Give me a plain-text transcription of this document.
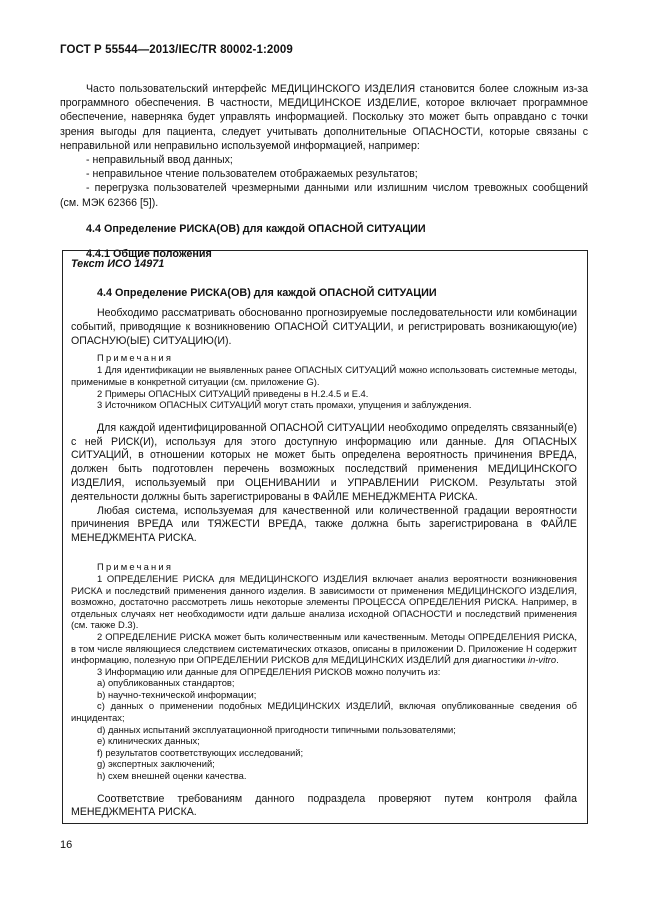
ГОСТ Р 55544—2013/IEC/TR 80002-1:2009

Часто пользовательский интерфейс МЕДИЦИНСКОГО ИЗДЕЛИЯ становится более сложным из-за программного обеспечения. В частности, МЕДИЦИНСКОЕ ИЗДЕЛИЕ, которое включает программное обеспечение, наверняка будет управлять информацией. Поскольку это может быть оправдано с точки зрения выгоды для пациента, следует учитывать дополнительные ОПАСНОСТИ, которые связаны с неправильной или неправильно используемой информацией, например:

- неправильный ввод данных;

- неправильное чтение пользователем отображаемых результатов;

- перегрузка пользователей чрезмерными данными или излишним числом тревожных сообщений (см. МЭК 62366 [5]).

4.4 Определение РИСКА(ОВ) для каждой ОПАСНОЙ СИТУАЦИИ

4.4.1 Общие положения

Текст ИСО 14971

4.4 Определение РИСКА(ОВ) для каждой ОПАСНОЙ СИТУАЦИИ

Необходимо рассматривать обоснованно прогнозируемые последовательности или комбинации событий, приводящие к возникновению ОПАСНОЙ СИТУАЦИИ, и регистрировать возникающую(ие) ОПАСНУЮ(ЫЕ) СИТУАЦИЮ(И).

Примечания

1 Для идентификации не выявленных ранее ОПАСНЫХ СИТУАЦИЙ можно использовать системные методы, применимые в конкретной ситуации (см. приложение G).

2 Примеры ОПАСНЫХ СИТУАЦИЙ приведены в Н.2.4.5 и Е.4.

3 Источником ОПАСНЫХ СИТУАЦИЙ могут стать промахи, упущения и заблуждения.

Для каждой идентифицированной ОПАСНОЙ СИТУАЦИИ необходимо определять связанный(е) с ней РИСК(И), используя для этого доступную информацию или данные. Для ОПАСНЫХ СИТУАЦИЙ, в отношении которых не может быть определена вероятность причинения ВРЕДА, должен быть подготовлен перечень возможных последствий применения МЕДИЦИНСКОГО ИЗДЕЛИЯ, используемый при ОЦЕНИВАНИИ и УПРАВЛЕНИИ РИСКОМ. Результаты этой деятельности должны быть зарегистрированы в ФАЙЛЕ МЕНЕДЖМЕНТА РИСКА.

Любая система, используемая для качественной или количественной градации вероятности причинения ВРЕДА или ТЯЖЕСТИ ВРЕДА, также должна быть зарегистрирована в ФАЙЛЕ МЕНЕДЖМЕНТА РИСКА.

Примечания

1 ОПРЕДЕЛЕНИЕ РИСКА для МЕДИЦИНСКОГО ИЗДЕЛИЯ включает анализ вероятности возникновения РИСКА и последствий применения данного изделия. В зависимости от применения МЕДИЦИНСКОГО ИЗДЕЛИЯ, возможно, достаточно рассмотреть лишь некоторые элементы ПРОЦЕССА ОПРЕДЕЛЕНИЯ РИСКА. Например, в отдельных случаях нет необходимости идти дальше анализа исходной ОПАСНОСТИ и последствий применения (см. также D.3).

2 ОПРЕДЕЛЕНИЕ РИСКА может быть количественным или качественным. Методы ОПРЕДЕЛЕНИЯ РИСКА, в том числе являющиеся следствием систематических отказов, описаны в приложении D. Приложение Н содержит информацию, полезную при ОПРЕДЕЛЕНИИ РИСКОВ для МЕДИЦИНСКИХ ИЗДЕЛИЙ для диагностики in-vitro.

3 Информацию или данные для ОПРЕДЕЛЕНИЯ РИСКОВ можно получить из:

a) опубликованных стандартов;

b) научно-технической информации;

c) данных о применении подобных МЕДИЦИНСКИХ ИЗДЕЛИЙ, включая опубликованные сведения об инцидентах;

d) данных испытаний эксплуатационной пригодности типичными пользователями;

e) клинических данных;

f) результатов соответствующих исследований;

g) экспертных заключений;

h) схем внешней оценки качества.

Соответствие требованиям данного подраздела проверяют путем контроля файла МЕНЕДЖМЕНТА РИСКА.

16
